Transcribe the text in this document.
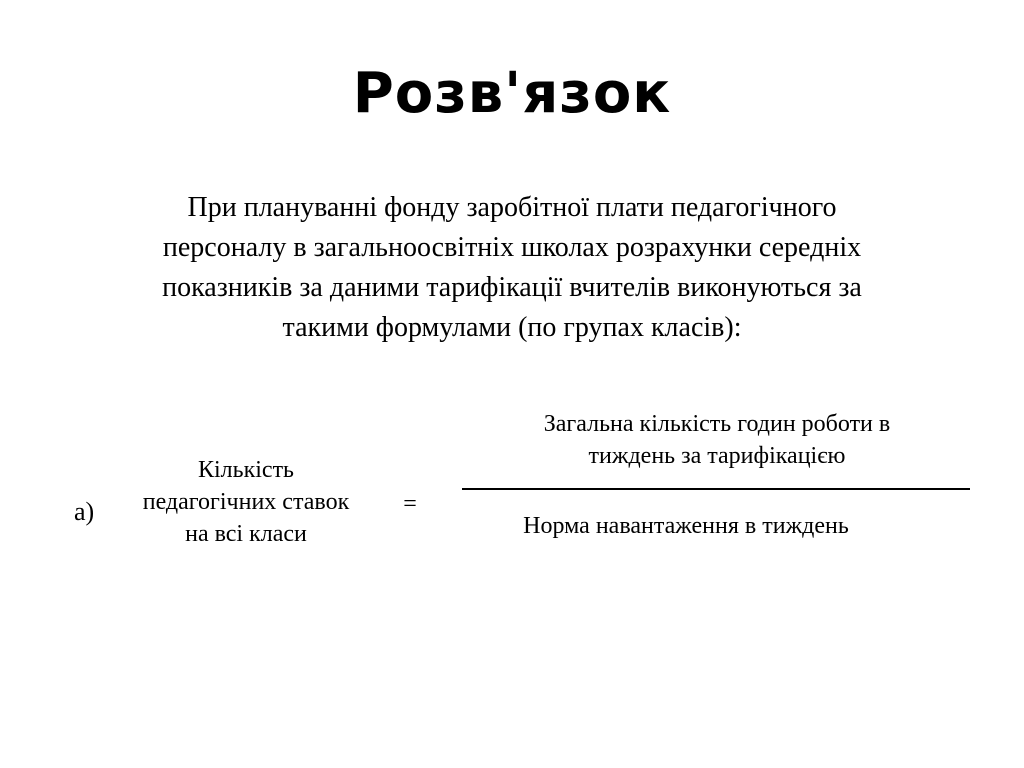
Розв'язок
При плануванні фонду заробітної плати педагогічного
персоналу в загальноосвітніх школах розрахунки середніх
показників за даними тарифікації вчителів виконуються за
такими формулами (по групах класів):
а)
Кількість
педагогічних ставок
на всі класи
=
Загальна кількість годин роботи в
тиждень за тарифікацією
Норма навантаження в тиждень
